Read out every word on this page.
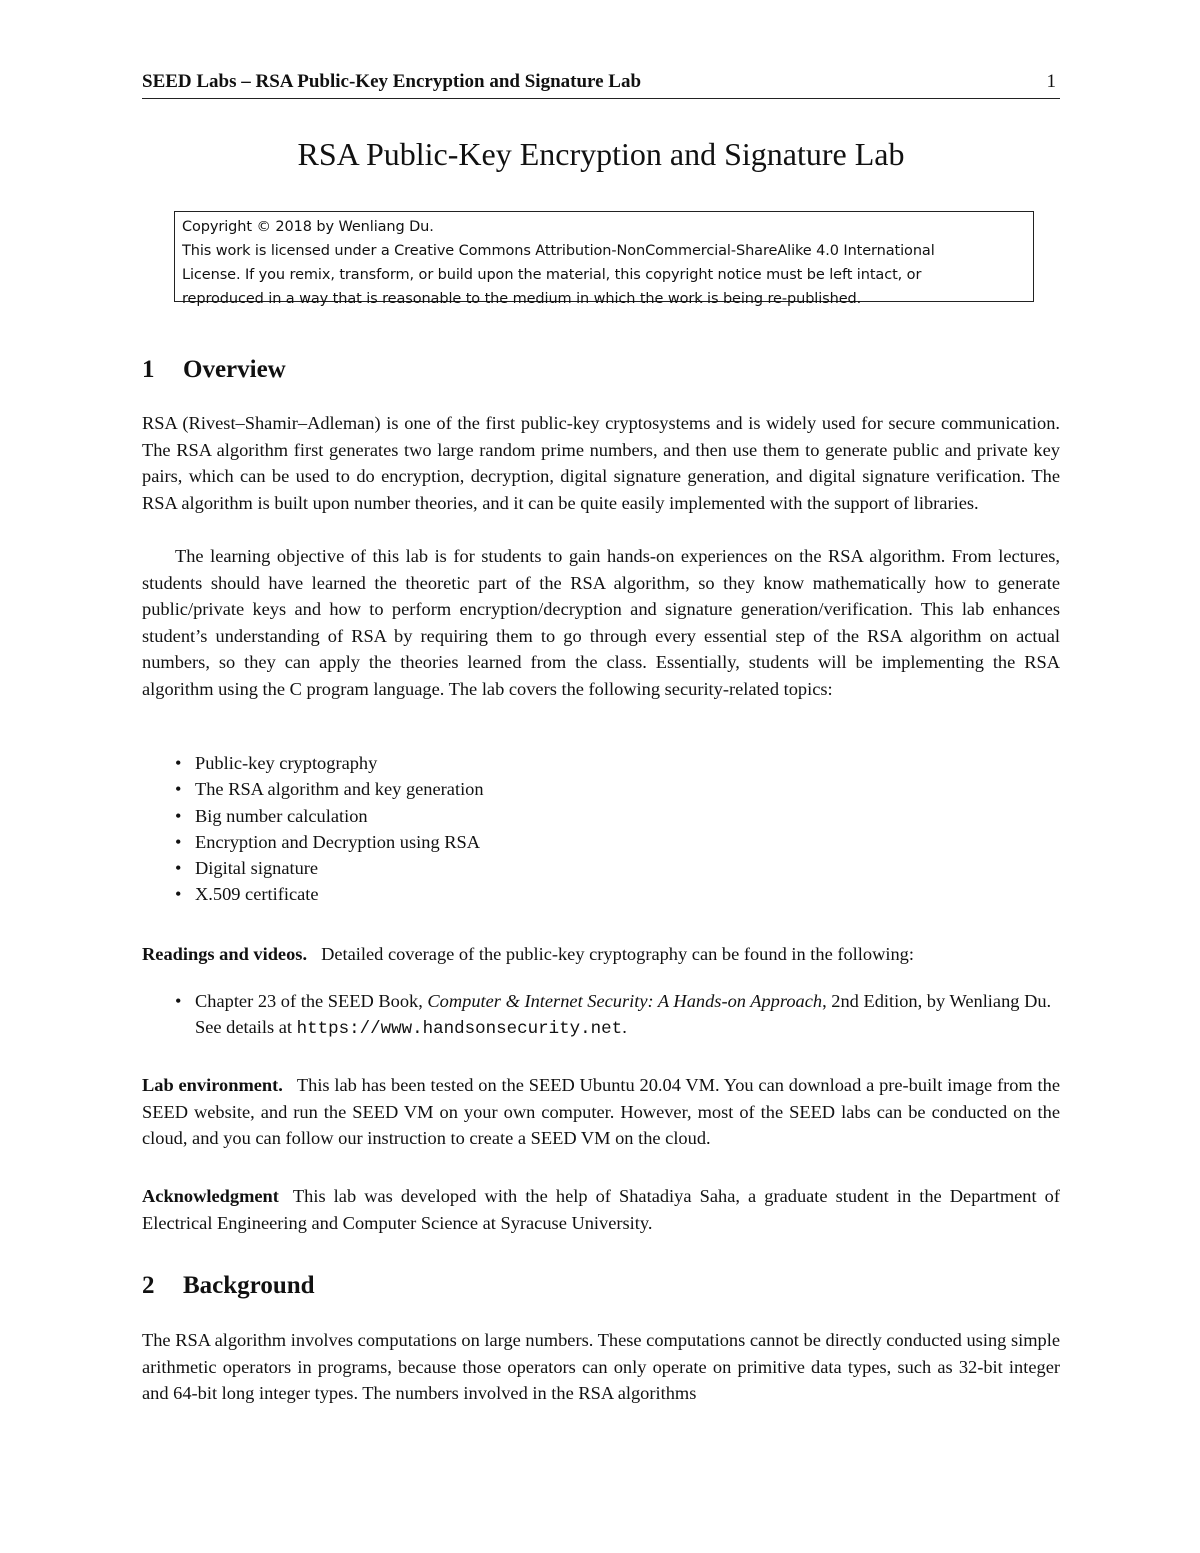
SEED Labs – RSA Public-Key Encryption and Signature Lab	1
RSA Public-Key Encryption and Signature Lab
Copyright © 2018 by Wenliang Du.
This work is licensed under a Creative Commons Attribution-NonCommercial-ShareAlike 4.0 International
License. If you remix, transform, or build upon the material, this copyright notice must be left intact, or
reproduced in a way that is reasonable to the medium in which the work is being re-published.
1 Overview
RSA (Rivest–Shamir–Adleman) is one of the first public-key cryptosystems and is widely used for secure communication. The RSA algorithm first generates two large random prime numbers, and then use them to generate public and private key pairs, which can be used to do encryption, decryption, digital signature generation, and digital signature verification. The RSA algorithm is built upon number theories, and it can be quite easily implemented with the support of libraries.
The learning objective of this lab is for students to gain hands-on experiences on the RSA algorithm. From lectures, students should have learned the theoretic part of the RSA algorithm, so they know mathematically how to generate public/private keys and how to perform encryption/decryption and signature generation/verification. This lab enhances student’s understanding of RSA by requiring them to go through every essential step of the RSA algorithm on actual numbers, so they can apply the theories learned from the class. Essentially, students will be implementing the RSA algorithm using the C program language. The lab covers the following security-related topics:
• Public-key cryptography
• The RSA algorithm and key generation
• Big number calculation
• Encryption and Decryption using RSA
• Digital signature
• X.509 certificate
Readings and videos. Detailed coverage of the public-key cryptography can be found in the following:
• Chapter 23 of the SEED Book, Computer & Internet Security: A Hands-on Approach, 2nd Edition, by Wenliang Du. See details at https://www.handsonsecurity.net.
Lab environment. This lab has been tested on the SEED Ubuntu 20.04 VM. You can download a pre-built image from the SEED website, and run the SEED VM on your own computer. However, most of the SEED labs can be conducted on the cloud, and you can follow our instruction to create a SEED VM on the cloud.
Acknowledgment This lab was developed with the help of Shatadiya Saha, a graduate student in the Department of Electrical Engineering and Computer Science at Syracuse University.
2 Background
The RSA algorithm involves computations on large numbers. These computations cannot be directly conducted using simple arithmetic operators in programs, because those operators can only operate on primitive data types, such as 32-bit integer and 64-bit long integer types. The numbers involved in the RSA algorithms
